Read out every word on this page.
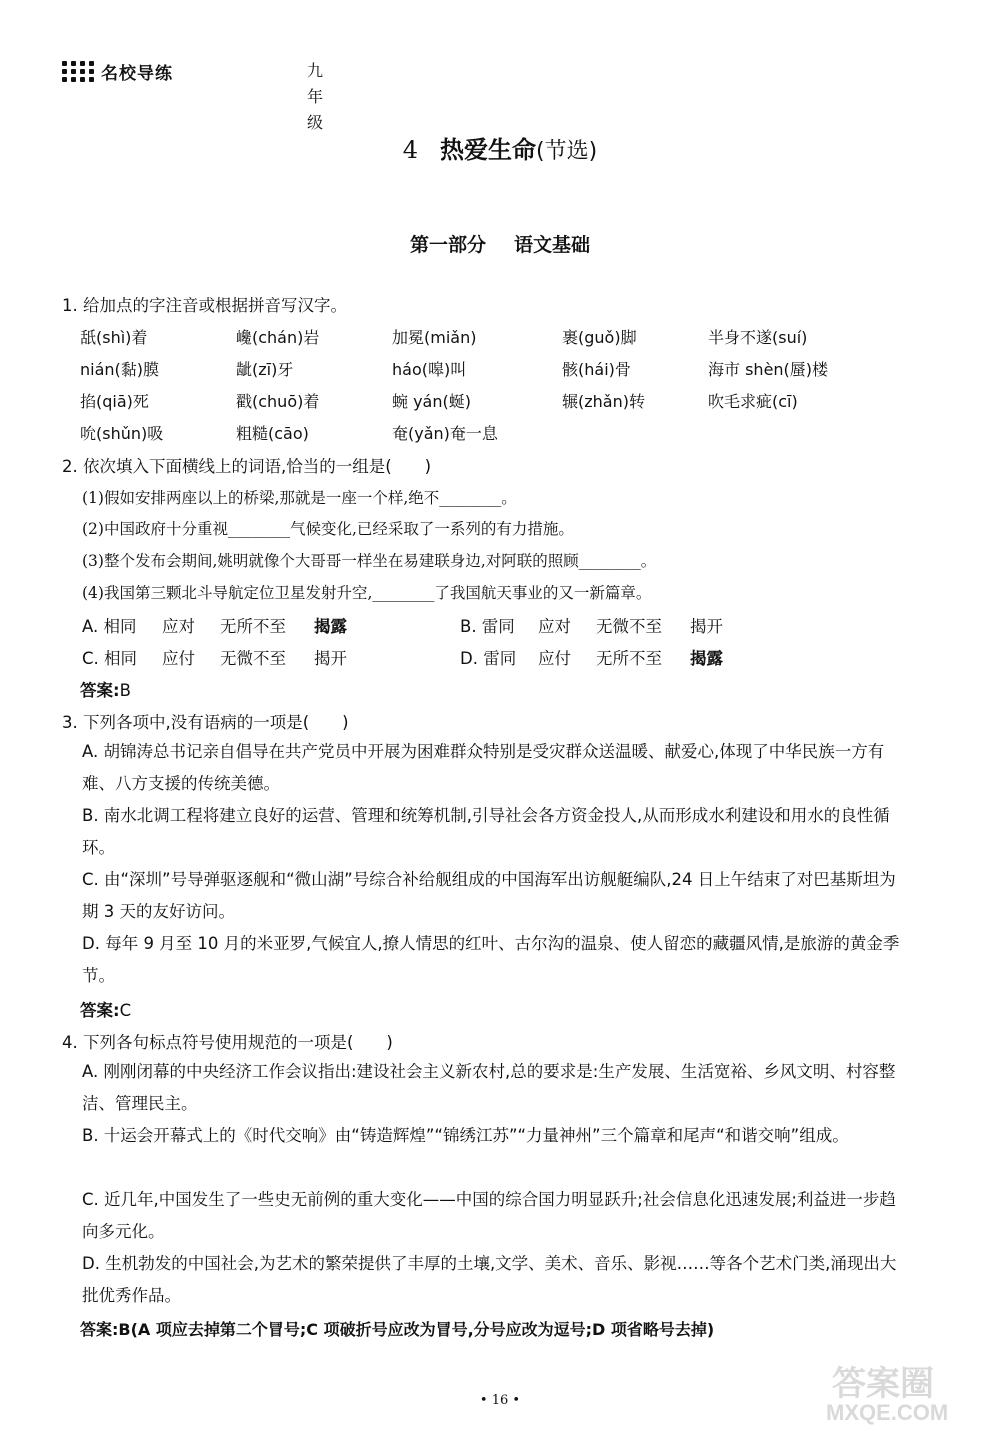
名校导练	九年级
4 热爱生命(节选)
第一部分 语文基础
1. 给加点的字注音或根据拼音写汉字。
舐(shì)着	巉(chán)岩	加冕(miǎn)	裹(guǒ)脚	半身不遂(suí)
nián(黏)膜	龇(zī)牙	háo(嗥)叫	骸(hái)骨	海市 shèn(蜃)楼
掐(qiā)死	戳(chuō)着	蜿 yán(蜒)	辗(zhǎn)转	吹毛求疵(cī)
吮(shǔn)吸	粗糙(cāo)	奄(yǎn)奄一息
2. 依次填入下面横线上的词语,恰当的一组是(　　)
(1)假如安排两座以上的桥梁,那就是一座一个样,绝不________。
(2)中国政府十分重视________气候变化,已经采取了一系列的有力措施。
(3)整个发布会期间,姚明就像个大哥哥一样坐在易建联身边,对阿联的照顾________。
(4)我国第三颗北斗导航定位卫星发射升空,________了我国航天事业的又一新篇章。
A. 相同 应对 无所不至 揭露	B. 雷同 应对 无微不至 揭开
C. 相同 应付 无微不至 揭开	D. 雷同 应付 无所不至 揭露
答案:B
3. 下列各项中,没有语病的一项是(　　)
A. 胡锦涛总书记亲自倡导在共产党员中开展为困难群众特别是受灾群众送温暖、献爱心,体现了中华民族一方有难、八方支援的传统美德。
B. 南水北调工程将建立良好的运营、管理和统筹机制,引导社会各方资金投人,从而形成水利建设和用水的良性循环。
C. 由“深圳”号导弹驱逐舰和“微山湖”号综合补给舰组成的中国海军出访舰艇编队,24 日上午结束了对巴基斯坦为期 3 天的友好访问。
D. 每年 9 月至 10 月的米亚罗,气候宜人,撩人情思的红叶、古尔沟的温泉、使人留恋的藏疆风情,是旅游的黄金季节。
答案:C
4. 下列各句标点符号使用规范的一项是(　　)
A. 刚刚闭幕的中央经济工作会议指出:建设社会主义新农村,总的要求是:生产发展、生活宽裕、乡风文明、村容整洁、管理民主。
B. 十运会开幕式上的《时代交响》由“铸造辉煌”“锦绣江苏”“力量神州”三个篇章和尾声“和谐交响”组成。
C. 近几年,中国发生了一些史无前例的重大变化——中国的综合国力明显跃升;社会信息化迅速发展;利益进一步趋向多元化。
D. 生机勃发的中国社会,为艺术的繁荣提供了丰厚的土壤,文学、美术、音乐、影视……等各个艺术门类,涌现出大批优秀作品。
答案:B(A 项应去掉第二个冒号;C 项破折号应改为冒号,分号应改为逗号;D 项省略号去掉)
• 16 •	答案圈
MXQE.COM
